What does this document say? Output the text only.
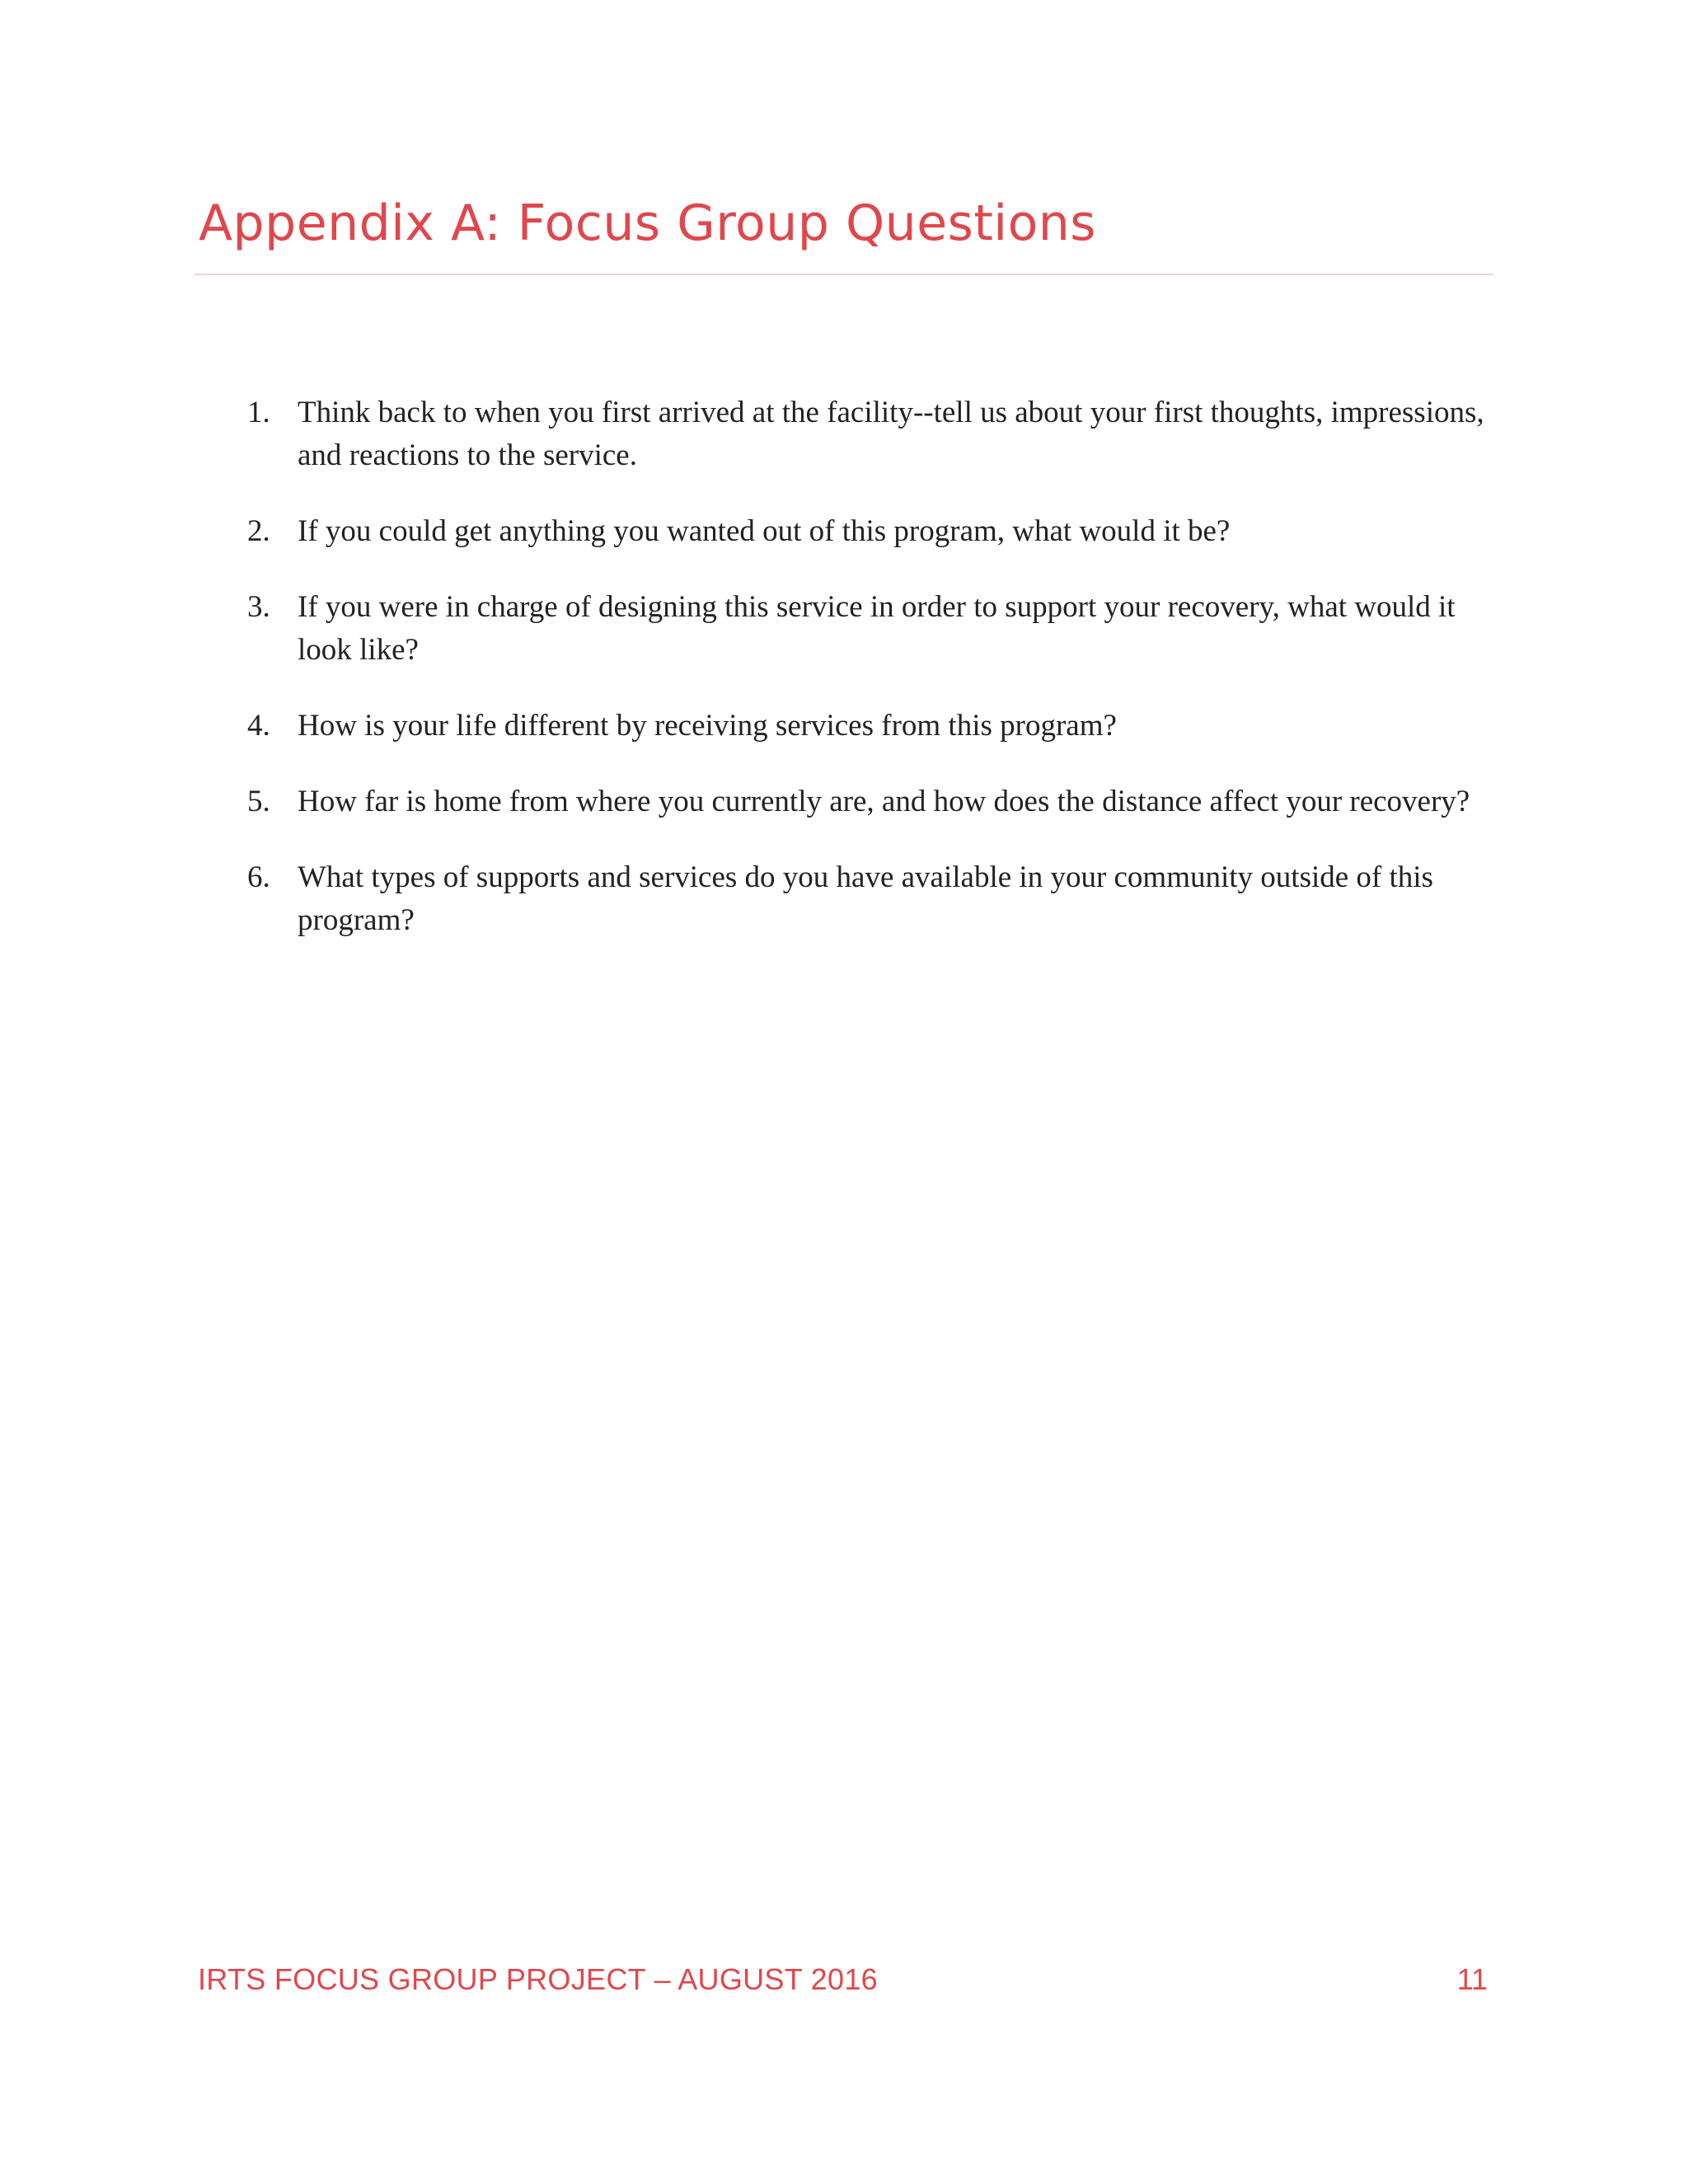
Appendix A: Focus Group Questions
1. Think back to when you first arrived at the facility--tell us about your first thoughts, impressions, and reactions to the service.
2. If you could get anything you wanted out of this program, what would it be?
3. If you were in charge of designing this service in order to support your recovery, what would it look like?
4. How is your life different by receiving services from this program?
5. How far is home from where you currently are, and how does the distance affect your recovery?
6. What types of supports and services do you have available in your community outside of this program?
IRTS FOCUS GROUP PROJECT – AUGUST 2016	11
